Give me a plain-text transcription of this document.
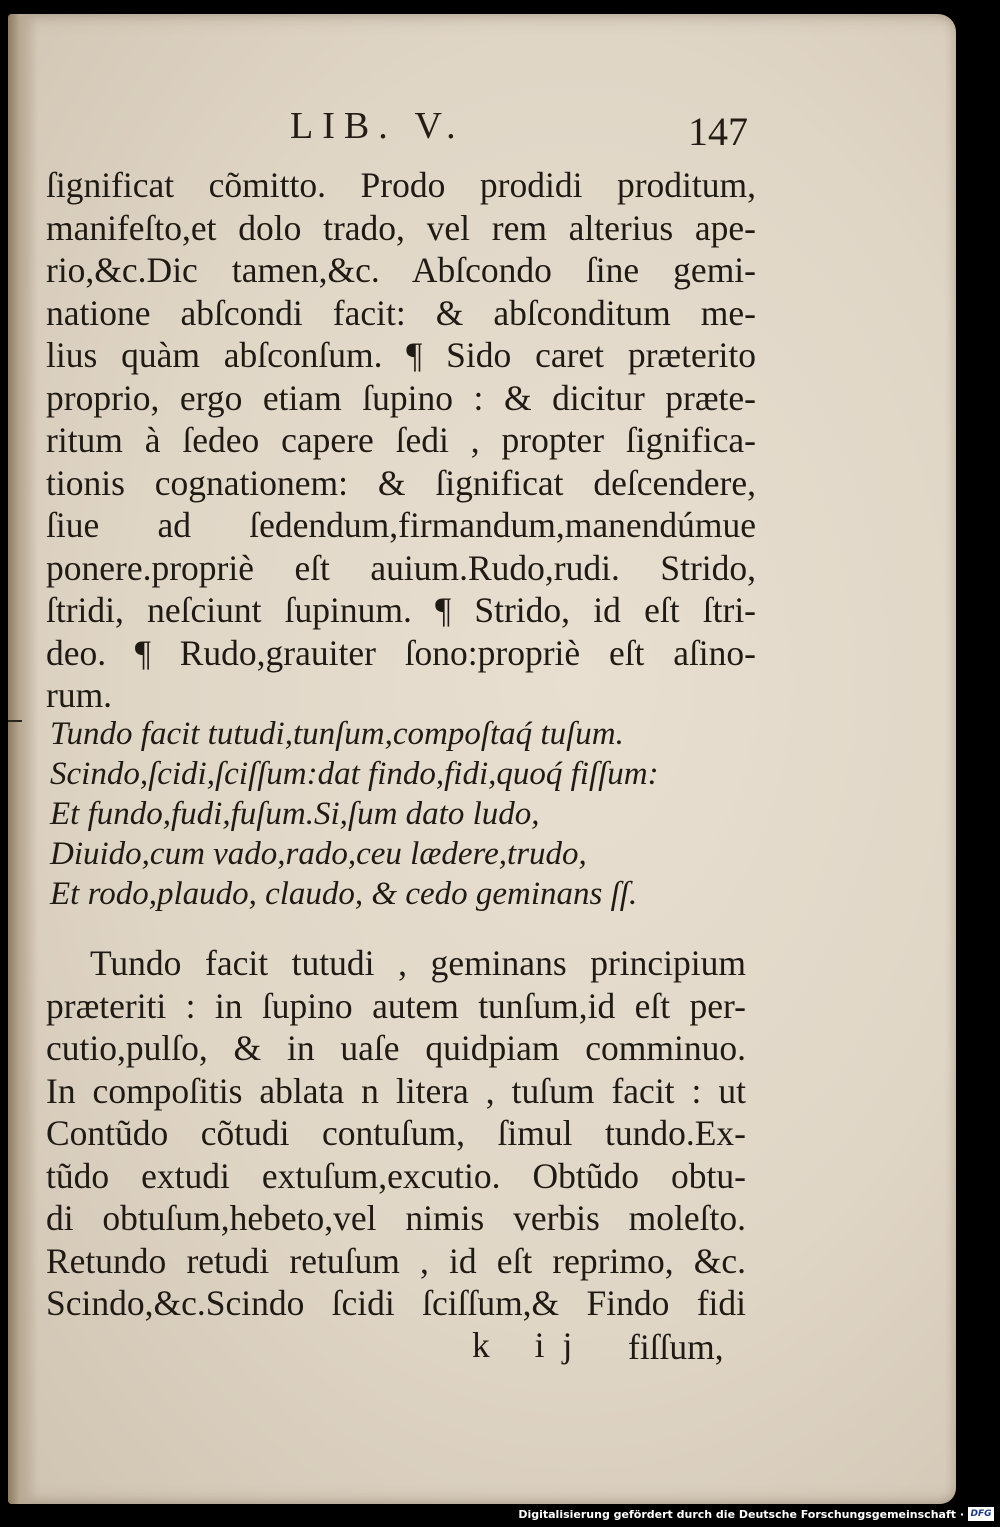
LIB. V.	147
ſignificat cõmitto. Prodo prodidi proditum,
manifeſto,et dolo trado, vel rem alterius ape-
rio,&c.Dic tamen,&c. Abſcondo ſine gemi-
natione abſcondi facit: & abſconditum me-
lius quàm abſconſum. ¶ Sido caret præterito
proprio, ergo etiam ſupino : & dicitur præte-
ritum à ſedeo capere ſedi , propter ſignifica-
tionis cognationem: & ſignificat deſcendere,
ſiue ad ſedendum,firmandum,manendúmue
ponere.propriè eſt auium.Rudo,rudi. Strido,
ſtridi, neſciunt ſupinum. ¶ Strido, id eſt ſtri-
deo. ¶ Rudo,grauiter ſono:propriè eſt aſino-
rum.
Tundo facit tutudi,tunſum,compoſtaq́ tuſum.
Scindo,ſcidi,ſciſſum:dat findo,fidi,quoq́ fiſſum:
Et fundo,fudi,fuſum.Si,ſum dato ludo,
Diuido,cum vado,rado,ceu lædere,trudo,
Et rodo,plaudo, claudo, & cedo geminans ſſ.
Tundo facit tutudi , geminans principium
præteriti : in ſupino autem tunſum,id eſt per-
cutio,pulſo, & in uaſe quidpiam comminuo.
In compoſitis ablata n litera , tuſum facit : ut
Contũdo cõtudi contuſum, ſimul tundo.Ex-
tũdo extudi extuſum,excutio. Obtũdo obtu-
di obtuſum,hebeto,vel nimis verbis moleſto.
Retundo retudi retuſum , id eſt reprimo, &c.
Scindo,&c.Scindo ſcidi ſciſſum,& Findo fidi
k ij fiſſum,
Digitalisierung gefördert durch die Deutsche Forschungsgemeinschaft · DFG
